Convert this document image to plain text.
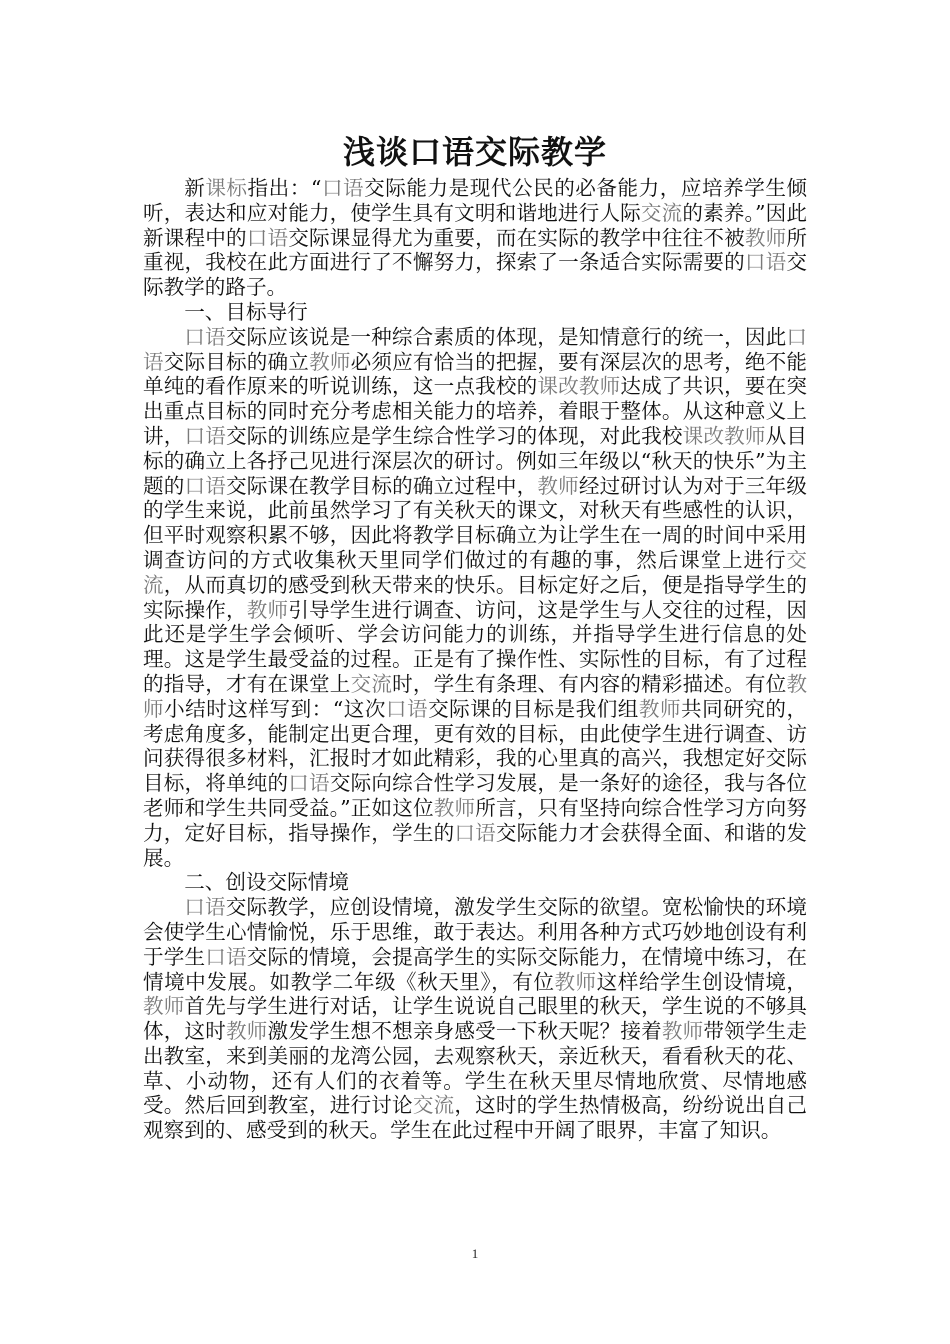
浅谈口语交际教学

新课标指出：“口语交际能力是现代公民的必备能力，应培养学生倾听，表达和应对能力，使学生具有文明和谐地进行人际交流的素养。”因此新课程中的口语交际课显得尤为重要，而在实际的教学中往往不被教师所重视，我校在此方面进行了不懈努力，探索了一条适合实际需要的口语交际教学的路子。

一、目标导行

口语交际应该说是一种综合素质的体现，是知情意行的统一，因此口语交际目标的确立教师必须应有恰当的把握，要有深层次的思考，绝不能单纯的看作原来的听说训练，这一点我校的课改教师达成了共识，要在突出重点目标的同时充分考虑相关能力的培养，着眼于整体。从这种意义上讲，口语交际的训练应是学生综合性学习的体现，对此我校课改教师从目标的确立上各抒己见进行深层次的研讨。例如三年级以“秋天的快乐”为主题的口语交际课在教学目标的确立过程中，教师经过研讨认为对于三年级的学生来说，此前虽然学习了有关秋天的课文，对秋天有些感性的认识，但平时观察积累不够，因此将教学目标确立为让学生在一周的时间中采用调查访问的方式收集秋天里同学们做过的有趣的事，然后课堂上进行交流，从而真切的感受到秋天带来的快乐。目标定好之后，便是指导学生的实际操作，教师引导学生进行调查、访问，这是学生与人交往的过程，因此还是学生学会倾听、学会访问能力的训练，并指导学生进行信息的处理。这是学生最受益的过程。正是有了操作性、实际性的目标，有了过程的指导，才有在课堂上交流时，学生有条理、有内容的精彩描述。有位教师小结时这样写到：“这次口语交际课的目标是我们组教师共同研究的，考虑角度多，能制定出更合理，更有效的目标，由此使学生进行调查、访问获得很多材料，汇报时才如此精彩，我的心里真的高兴，我想定好交际目标，将单纯的口语交际向综合性学习发展，是一条好的途径，我与各位老师和学生共同受益。”正如这位教师所言，只有坚持向综合性学习方向努力，定好目标，指导操作，学生的口语交际能力才会获得全面、和谐的发展。

二、创设交际情境

口语交际教学，应创设情境，激发学生交际的欲望。宽松愉快的环境会使学生心情愉悦，乐于思维，敢于表达。利用各种方式巧妙地创设有利于学生口语交际的情境，会提高学生的实际交际能力，在情境中练习，在情境中发展。如教学二年级《秋天里》，有位教师这样给学生创设情境，教师首先与学生进行对话，让学生说说自己眼里的秋天，学生说的不够具体，这时教师激发学生想不想亲身感受一下秋天呢？接着教师带领学生走出教室，来到美丽的龙湾公园，去观察秋天，亲近秋天，看看秋天的花、草、小动物，还有人们的衣着等。学生在秋天里尽情地欣赏、尽情地感受。然后回到教室，进行讨论交流，这时的学生热情极高，纷纷说出自己观察到的、感受到的秋天。学生在此过程中开阔了眼界，丰富了知识。

1
